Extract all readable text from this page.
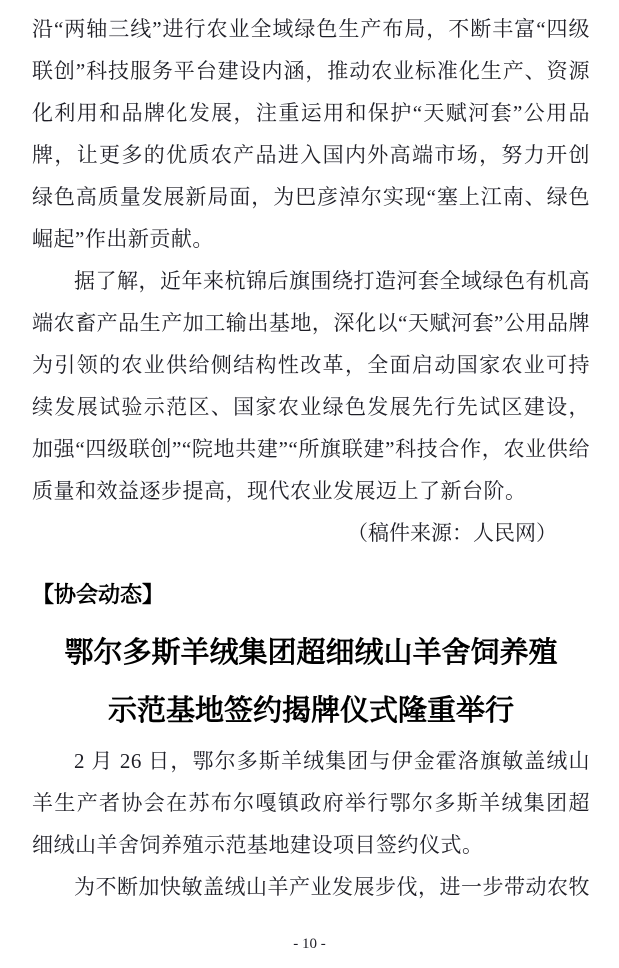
沿“两轴三线”进行农业全域绿色生产布局，不断丰富“四级联创”科技服务平台建设内涵，推动农业标准化生产、资源化利用和品牌化发展，注重运用和保护“天赋河套”公用品牌，让更多的优质农产品进入国内外高端市场，努力开创绿色高质量发展新局面，为巴彦淖尔实现“塞上江南、绿色崛起”作出新贡献。

据了解，近年来杭锦后旗围绕打造河套全域绿色有机高端农畜产品生产加工输出基地，深化以“天赋河套”公用品牌为引领的农业供给侧结构性改革，全面启动国家农业可持续发展试验示范区、国家农业绿色发展先行先试区建设，加强“四级联创”“院地共建”“所旗联建”科技合作，农业供给质量和效益逐步提高，现代农业发展迈上了新台阶。

（稿件来源：人民网）

【协会动态】
鄂尔多斯羊绒集团超细绒山羊舍饲养殖
示范基地签约揭牌仪式隆重举行

2 月 26 日，鄂尔多斯羊绒集团与伊金霍洛旗敏盖绒山羊生产者协会在苏布尔嘎镇政府举行鄂尔多斯羊绒集团超细绒山羊舍饲养殖示范基地建设项目签约仪式。

为不断加快敏盖绒山羊产业发展步伐，进一步带动农牧

- 10 -
